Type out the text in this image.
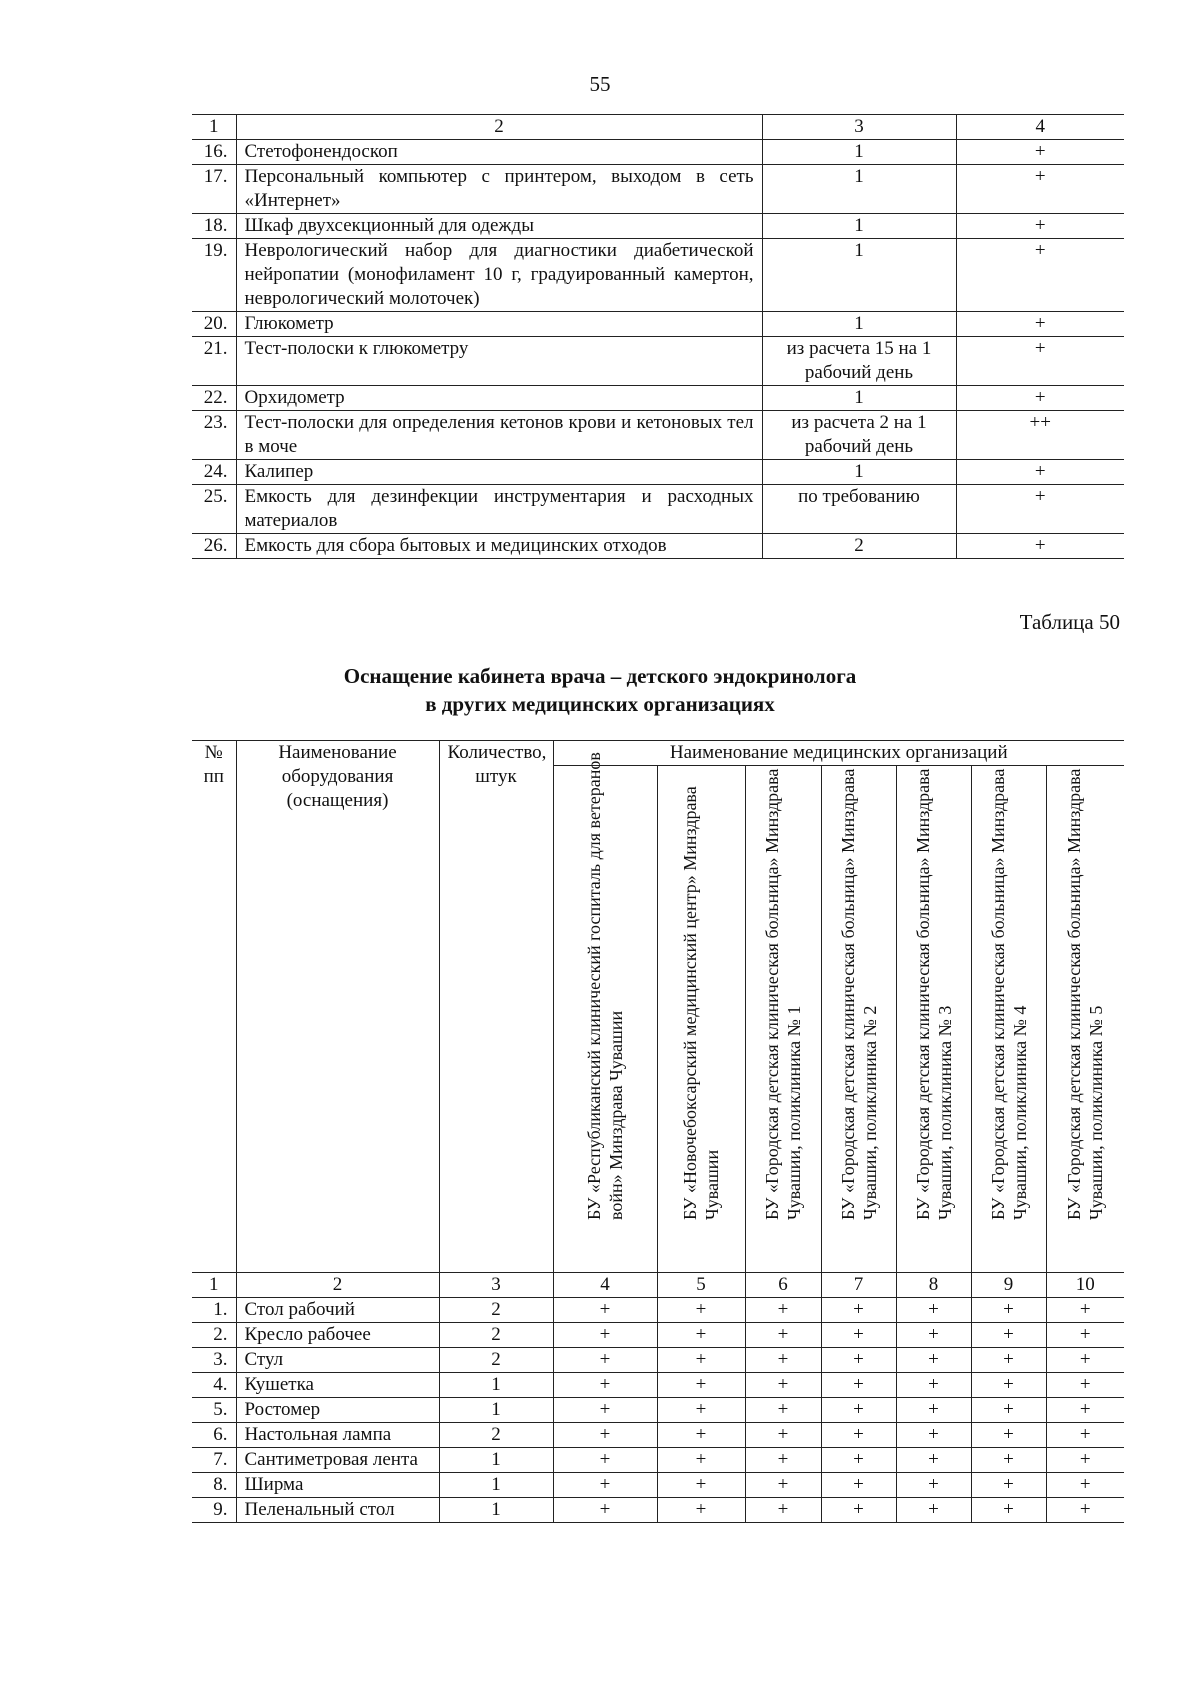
55
1	2	3	4
16.	Стетофонендоскоп	1	+
17.	Персональный компьютер с принтером, выходом в сеть «Интернет»	1	+
18.	Шкаф двухсекционный для одежды	1	+
19.	Неврологический набор для диагностики диабетической нейропатии (монофиламент 10 г, градуированный камертон, неврологический молоточек)	1	+
20.	Глюкометр	1	+
21.	Тест-полоски к глюкометру	из расчета 15 на 1 рабочий день	+
22.	Орхидометр	1	+
23.	Тест-полоски для определения кетонов крови и кетоновых тел в моче	из расчета 2 на 1 рабочий день	++
24.	Калипер	1	+
25.	Емкость для дезинфекции инструментария и расходных материалов	по требованию	+
26.	Емкость для сбора бытовых и медицинских отходов	2	+
Таблица 50
Оснащение кабинета врача – детского эндокринолога
в других медицинских организациях
№ пп	Наименование оборудования (оснащения)	Количество, штук	Наименование медицинских организаций						

			БУ «Республиканский клинический госпиталь для ветеранов войн» Минздрава Чувашии	БУ «Новочебоксарский медицинский центр» Минздрава Чувашии	БУ «Городская детская клиническая больница» Минздрава Чувашии, поликлиника № 1	БУ «Городская детская клиническая больница» Минздрава Чувашии, поликлиника № 2	БУ «Городская детская клиническая больница» Минздрава Чувашии, поликлиника № 3	БУ «Городская детская клиническая больница» Минздрава Чувашии, поликлиника № 4	БУ «Городская детская клиническая больница» Минздрава Чувашии, поликлиника № 5

1	2	3	4	5	6	7	8	9	10
1.	Стол рабочий	2	+	+	+	+	+	+	+
2.	Кресло рабочее	2	+	+	+	+	+	+	+
3.	Стул	2	+	+	+	+	+	+	+
4.	Кушетка	1	+	+	+	+	+	+	+
5.	Ростомер	1	+	+	+	+	+	+	+
6.	Настольная лампа	2	+	+	+	+	+	+	+
7.	Сантиметровая лента	1	+	+	+	+	+	+	+
8.	Ширма	1	+	+	+	+	+	+	+
9.	Пеленальный стол	1	+	+	+	+	+	+	+
